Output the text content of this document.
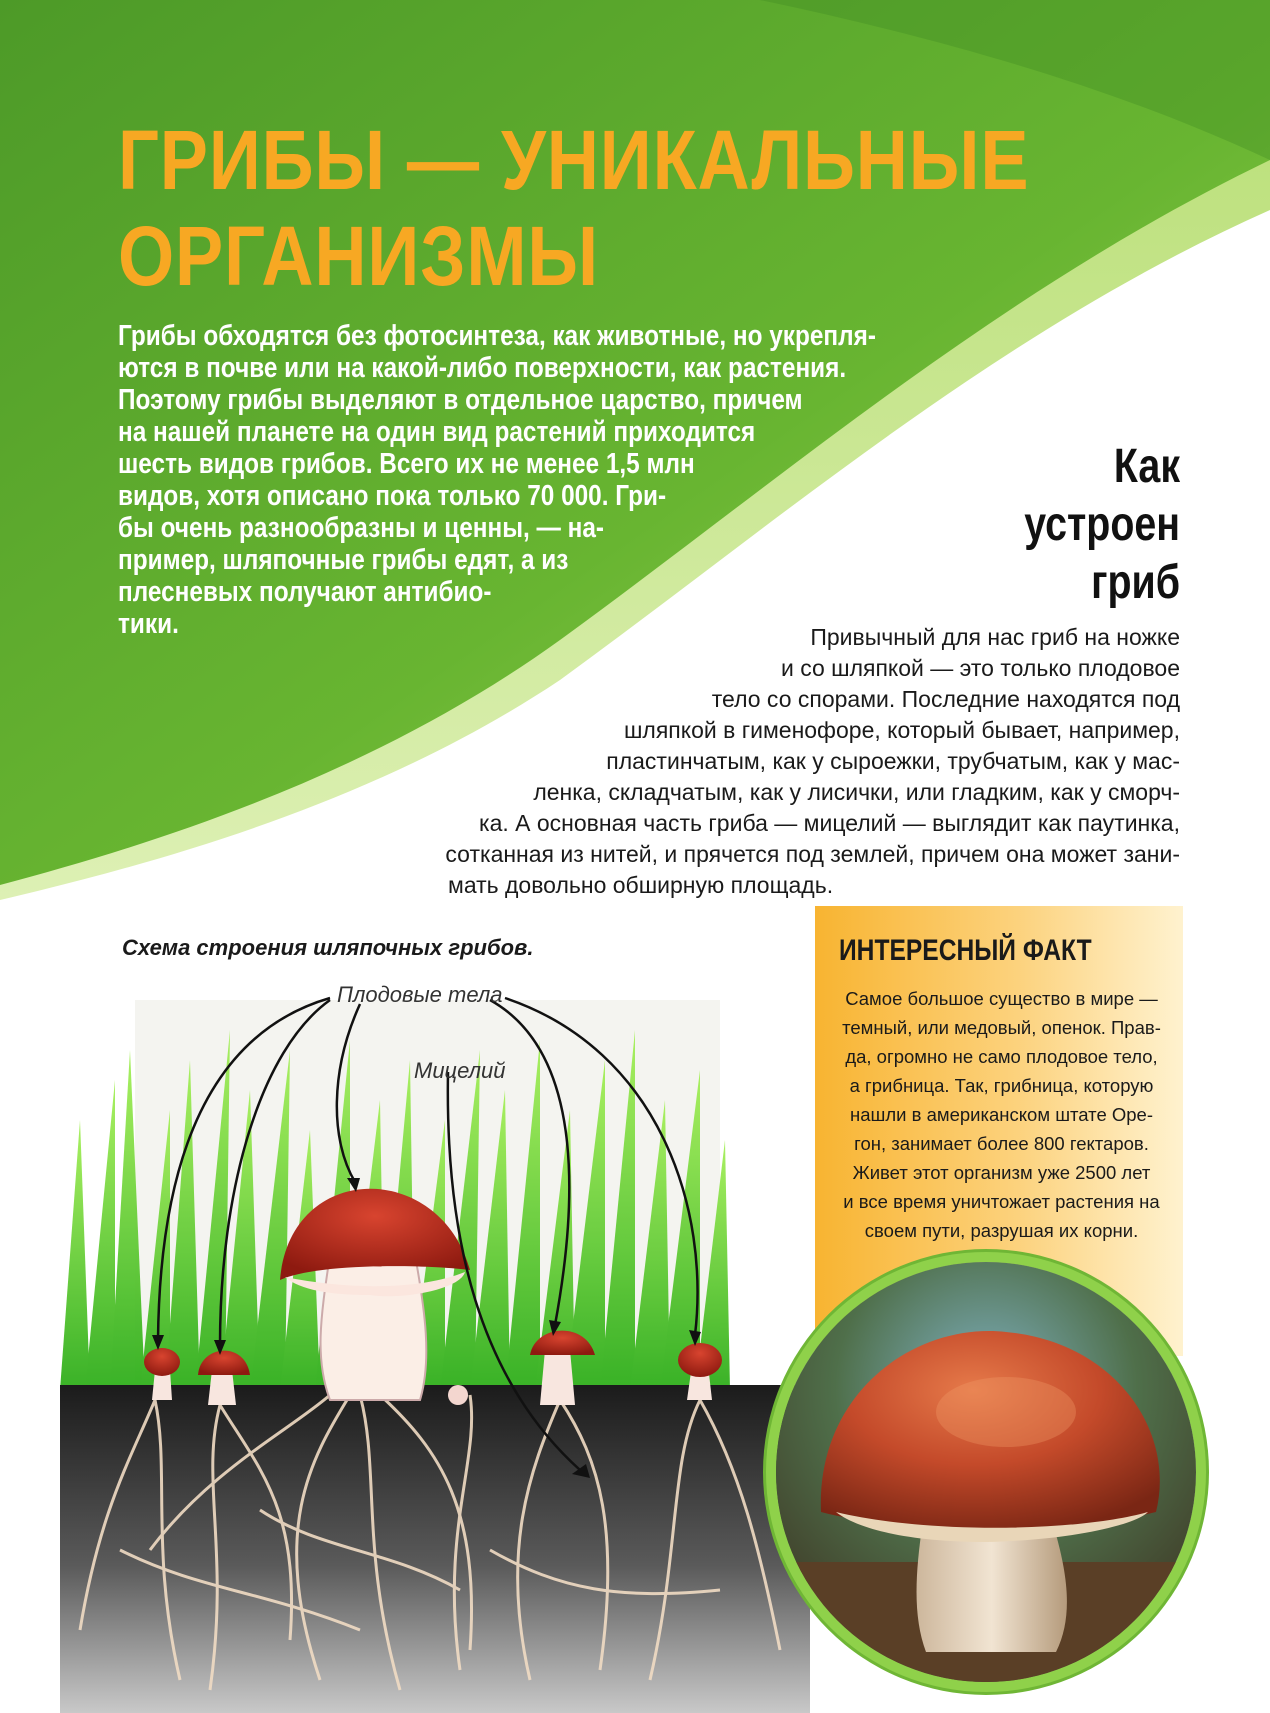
ГРИБЫ — УНИКАЛЬНЫЕ
ОРГАНИЗМЫ
Грибы обходятся без фотосинтеза, как животные, но укрепля-
ются в почве или на какой-либо поверхности, как растения.
Поэтому грибы выделяют в отдельное царство, причем
на нашей планете на один вид растений приходится
шесть видов грибов. Всего их не менее 1,5 млн
видов, хотя описано пока только 70 000. Гри-
бы очень разнообразны и ценны, — на-
пример, шляпочные грибы едят, а из
плесневых получают антибио-
тики.
Как
устроен
гриб
Привычный для нас гриб на ножке
и со шляпкой — это только плодовое
тело со спорами. Последние находятся под
шляпкой в гименофоре, который бывает, например,
пластинчатым, как у сыроежки, трубчатым, как у мас-
ленка, складчатым, как у лисички, или гладким, как у сморч-
ка. А основная часть гриба — мицелий — выглядит как паутинка,
сотканная из нитей, и прячется под землей, причем она может зани-
мать довольно обширную площадь.

Схема строения шляпочных грибов.

Плодовые тела
Мицелий
ИНТЕРЕСНЫЙ ФАКТ
Самое большое существо в мире —
темный, или медовый, опенок. Прав-
да, огромно не само плодовое тело,
а грибница. Так, грибница, которую
нашли в американском штате Оре-
гон, занимает более 800 гектаров.
Живет этот организм уже 2500 лет
и все время уничтожает растения на
своем пути, разрушая их корни.
